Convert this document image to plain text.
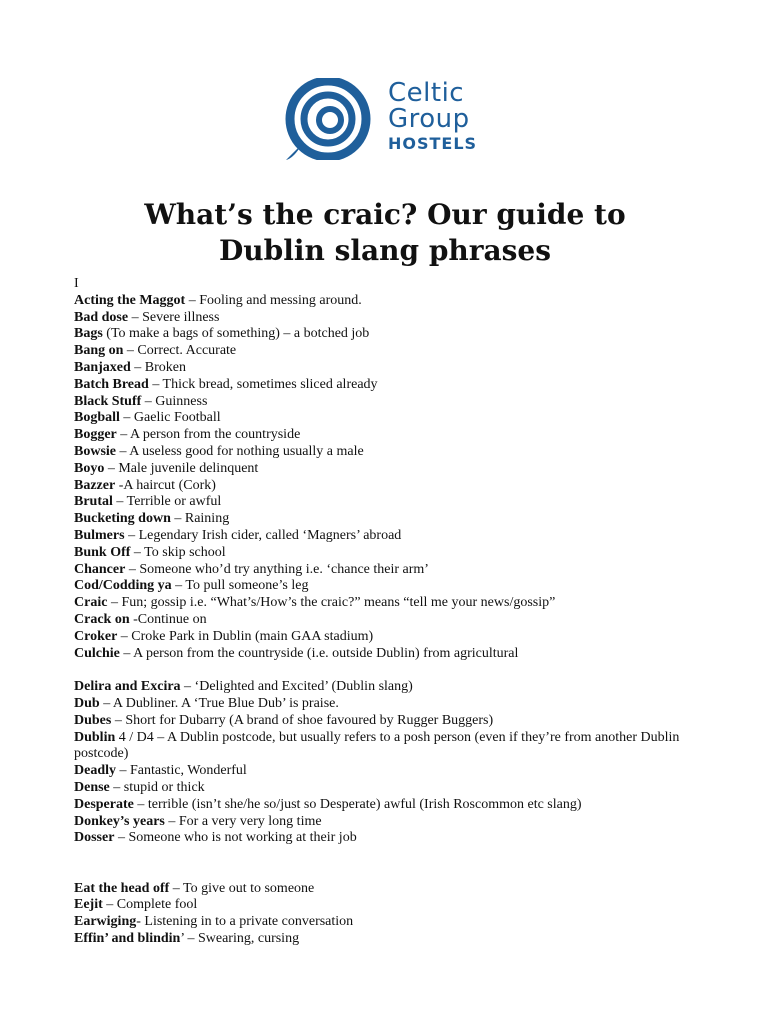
Celtic
Group
HOSTELS
What’s the craic? Our guide to
Dublin slang phrases

I

Acting the Maggot – Fooling and messing around.

Bad dose – Severe illness

Bags (To make a bags of something) – a botched job

Bang on – Correct. Accurate

Banjaxed – Broken

Batch Bread – Thick bread, sometimes sliced already

Black Stuff – Guinness

Bogball – Gaelic Football

Bogger – A person from the countryside

Bowsie – A useless good for nothing usually a male

Boyo – Male juvenile delinquent

Bazzer -A haircut (Cork)

Brutal – Terrible or awful

Bucketing down – Raining

Bulmers – Legendary Irish cider, called ‘Magners’ abroad

Bunk Off – To skip school

Chancer – Someone who’d try anything i.e. ‘chance their arm’

Cod/Codding ya – To pull someone’s leg

Craic – Fun; gossip i.e. “What’s/How’s the craic?” means “tell me your news/gossip”

Crack on -Continue on

Croker – Croke Park in Dublin (main GAA stadium)

Culchie – A person from the countryside (i.e. outside Dublin) from agricultural

Delira and Excira – ‘Delighted and Excited’ (Dublin slang)

Dub – A Dubliner. A ‘True Blue Dub’ is praise.

Dubes – Short for Dubarry (A brand of shoe favoured by Rugger Buggers)

Dublin 4 / D4 – A Dublin postcode, but usually refers to a posh person (even if they’re from another Dublin postcode)

Deadly – Fantastic, Wonderful

Dense – stupid or thick

Desperate – terrible (isn’t she/he so/just so Desperate) awful (Irish Roscommon etc slang)

Donkey’s years – For a very very long time

Dosser – Someone who is not working at their job

Eat the head off – To give out to someone

Eejit – Complete fool

Earwiging- Listening in to a private conversation

Effin’ and blindin’ – Swearing, cursing
